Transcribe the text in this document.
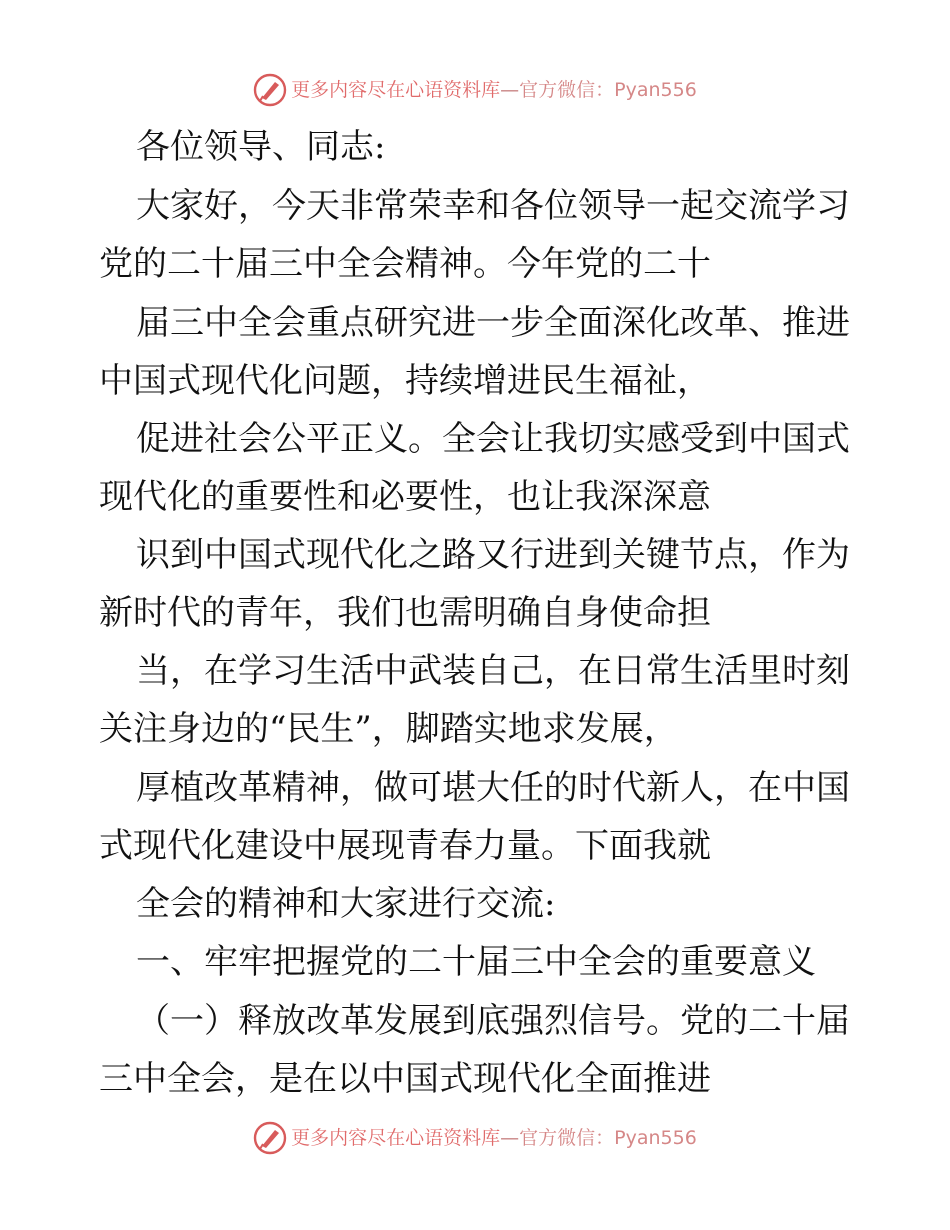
更多内容尽在心语资料库 — 官方微信：Pyan556
各位领导、同志:
大家好，今天非常荣幸和各位领导一起交流学习
党的二十届三中全会精神。今年党的二十
届三中全会重点研究进一步全面深化改革、推进
中国式现代化问题，持续增进民生福祉，
促进社会公平正义。全会让我切实感受到中国式
现代化的重要性和必要性，也让我深深意
识到中国式现代化之路又行进到关键节点，作为
新时代的青年，我们也需明确自身使命担
当，在学习生活中武装自己，在日常生活里时刻
关注身边的“民生”，脚踏实地求发展，
厚植改革精神，做可堪大任的时代新人，在中国
式现代化建设中展现青春力量。下面我就
全会的精神和大家进行交流:
一、牢牢把握党的二十届三中全会的重要意义
（一）释放改革发展到底强烈信号。党的二十届
三中全会，是在以中国式现代化全面推进
更多内容尽在心语资料库 — 官方微信：Pyan556
